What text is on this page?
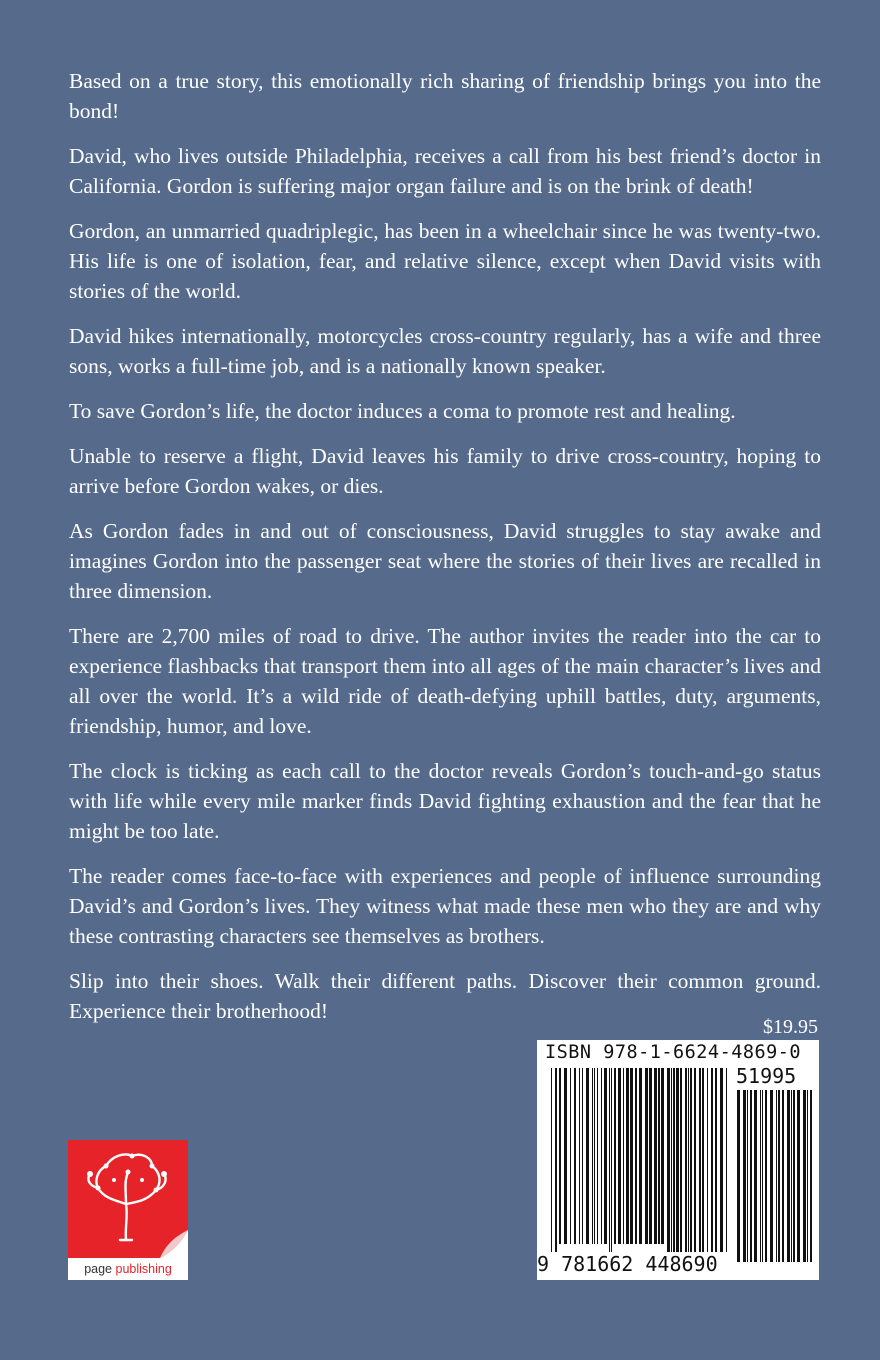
Based on a true story, this emotionally rich sharing of friendship brings you into the bond!

David, who lives outside Philadelphia, receives a call from his best friend’s doctor in California. Gordon is suffering major organ failure and is on the brink of death!

Gordon, an unmarried quadriplegic, has been in a wheelchair since he was twenty-two. His life is one of isolation, fear, and relative silence, except when David visits with stories of the world.

David hikes internationally, motorcycles cross-country regularly, has a wife and three sons, works a full-time job, and is a nationally known speaker.

To save Gordon’s life, the doctor induces a coma to promote rest and healing.

Unable to reserve a flight, David leaves his family to drive cross-country, hoping to arrive before Gordon wakes, or dies.

As Gordon fades in and out of consciousness, David struggles to stay awake and imagines Gordon into the passenger seat where the stories of their lives are recalled in three dimension.

There are 2,700 miles of road to drive. The author invites the reader into the car to experience flashbacks that transport them into all ages of the main character’s lives and all over the world. It’s a wild ride of death-defying uphill battles, duty, arguments, friendship, humor, and love.

The clock is ticking as each call to the doctor reveals Gordon’s touch-and-go status with life while every mile marker finds David fighting exhaustion and the fear that he might be too late.

The reader comes face-to-face with experiences and people of influence surrounding David’s and Gordon’s lives. They witness what made these men who they are and why these contrasting characters see themselves as brothers.

Slip into their shoes. Walk their different paths. Discover their common ground. Experience their brotherhood!

$19.95
ISBN 978-1-6624-4869-0
51995
9 781662 448690
page publishing
